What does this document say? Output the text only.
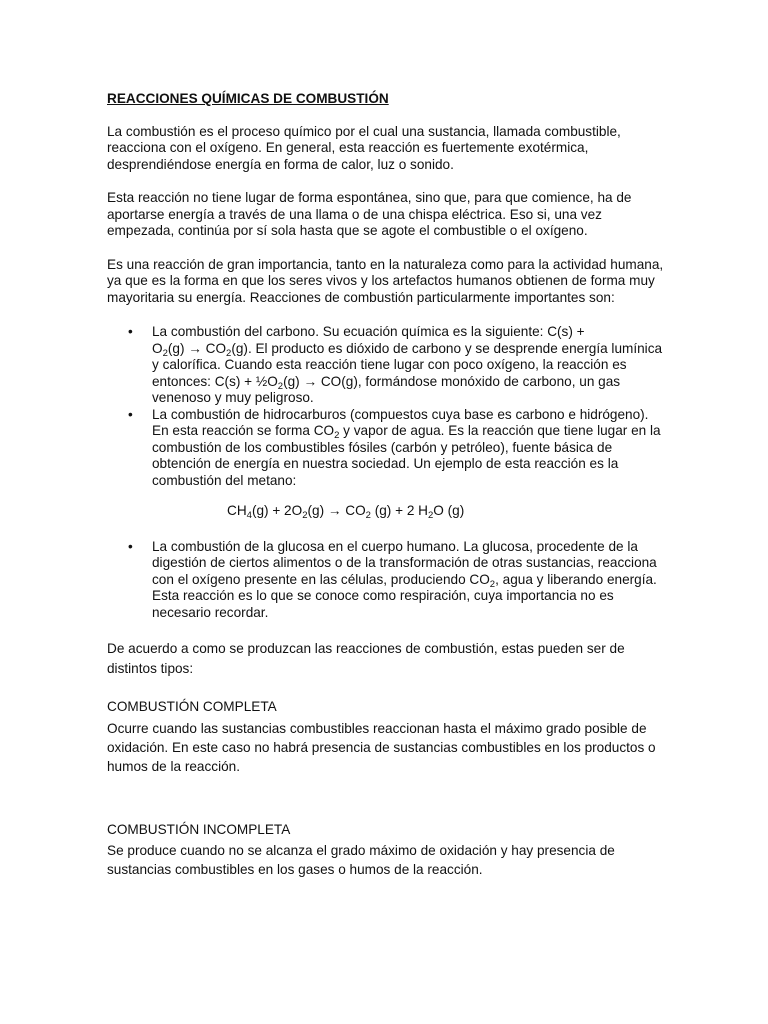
REACCIONES QUÍMICAS DE COMBUSTIÓN

La combustión es el proceso químico por el cual una sustancia, llamada combustible, reacciona con el oxígeno. En general, esta reacción es fuertemente exotérmica, desprendiéndose energía en forma de calor, luz o sonido.

Esta reacción no tiene lugar de forma espontánea, sino que, para que comience, ha de aportarse energía a través de una llama o de una chispa eléctrica. Eso si, una vez empezada, continúa por sí sola hasta que se agote el combustible o el oxígeno.

Es una reacción de gran importancia, tanto en la naturaleza como para la actividad humana, ya que es la forma en que los seres vivos y los artefactos humanos obtienen de forma muy mayoritaria su energía. Reacciones de combustión particularmente importantes son:

• La combustión del carbono. Su ecuación química es la siguiente: C(s) +
$O_2(g) \to CO_2(g)$. El producto es dióxido de carbono y se desprende energía lumínica y calorífica. Cuando esta reacción tiene lugar con poco oxígeno, la reacción es entonces: $C(s) + \frac{1}{2}O_2(g) \to CO(g)$, formándose monóxido de carbono, un gas venenoso y muy peligroso.
• La combustión de hidrocarburos (compuestos cuya base es carbono e hidrógeno). En esta reacción se forma $CO_2$ y vapor de agua. Es la reacción que tiene lugar en la combustión de los combustibles fósiles (carbón y petróleo), fuente básica de obtención de energía en nuestra sociedad. Un ejemplo de esta reacción es la combustión del metano:
$CH_4(g) + 2O_2(g) \to CO_2$ (g) + 2 $H_2O$ (g)
• La combustión de la glucosa en el cuerpo humano. La glucosa, procedente de la digestión de ciertos alimentos o de la transformación de otras sustancias, reacciona con el oxígeno presente en las células, produciendo $CO_2$, agua y liberando energía. Esta reacción es lo que se conoce como respiración, cuya importancia no es necesario recordar.

De acuerdo a como se produzcan las reacciones de combustión, estas pueden ser de distintos tipos:

COMBUSTIÓN COMPLETA

Ocurre cuando las sustancias combustibles reaccionan hasta el máximo grado posible de oxidación. En este caso no habrá presencia de sustancias combustibles en los productos o humos de la reacción.

COMBUSTIÓN INCOMPLETA

Se produce cuando no se alcanza el grado máximo de oxidación y hay presencia de sustancias combustibles en los gases o humos de la reacción.
